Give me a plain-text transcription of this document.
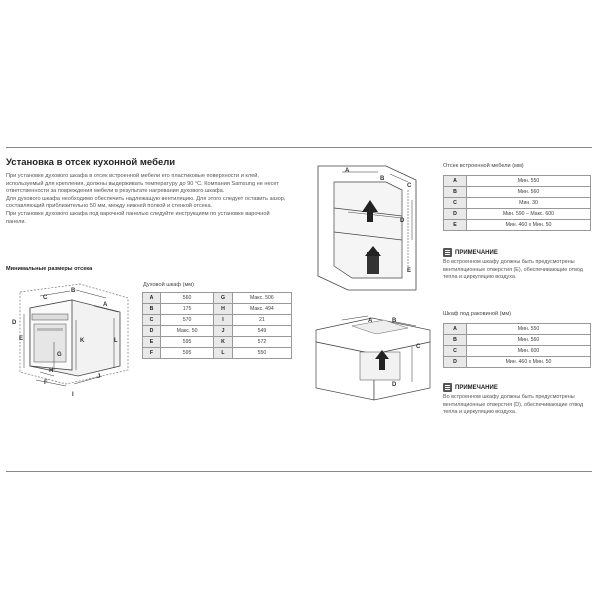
Установка в отсек кухонной мебели
При установке духового шкафа в отсек встроенной мебели его пластиковые поверхности и клей, используемый для крепления, должны выдерживать температуру до 90 °C. Компания Samsung не несет ответственности за повреждения мебели в результате нагревания духового шкафа.
Для духового шкафа необходимо обеспечить надлежащую вентиляцию. Для этого следует оставить зазор, составляющий приблизительно 50 мм, между нижней полкой и стенкой отсека.
При установке духового шкафа под варочной панелью следуйте инструкциям по установке варочной панели.
Минимальные размеры отсека
C
B
A
D
E
G
K	L
H
F
J
I
Духовой шкаф (мм)
A	560	G	Макс. 506
B	175	H	Макс. 494
C	570	I	21
D	Макс. 50	J	549
E	595	K	572
F	595	L	550
A
B
C
D
E
Отсек встроенной мебели (мм)
A	Мин. 550
B	Мин. 560
C	Мин. 30
D	Мин. 590 – Макс. 600
E	Мин. 460 x Мин. 50
ПРИМЕЧАНИЕ
Во встроенном шкафу должны быть предусмотрены вентиляционные отверстия (E), обеспечивающие отвод тепла и циркуляцию воздуха.
A	B
C
D
Шкаф под раковиной (мм)
A	Мин. 550
B	Мин. 560
C	Мин. 600
D	Мин. 460 x Мин. 50
ПРИМЕЧАНИЕ
Во встроенном шкафу должны быть предусмотрены вентиляционные отверстия (D), обеспечивающие отвод тепла и циркуляцию воздуха.
